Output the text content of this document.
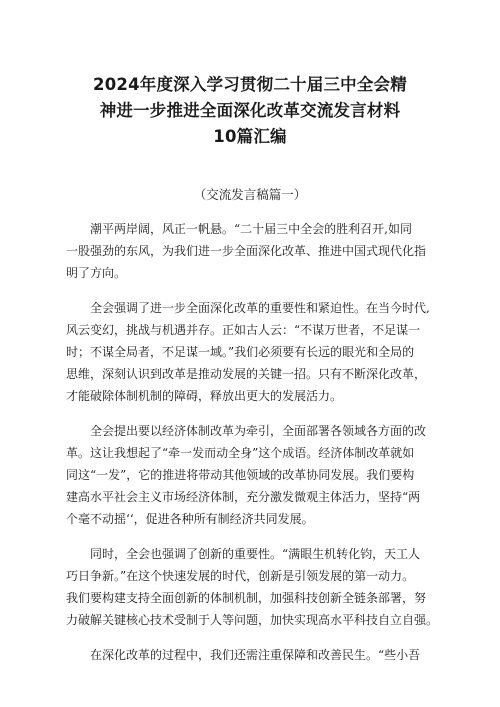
2024年度深入学习贯彻二十届三中全会精
神进一步推进全面深化改革交流发言材料
10篇汇编
（交流发言稿篇一）

潮平两岸阔，风正一帆悬。“二十届三中全会的胜利召开,如同
一股强劲的东风，为我们进一步全面深化改革、推进中国式现代化指
明了方向。

全会强调了进一步全面深化改革的重要性和紧迫性。在当今时代,
风云变幻，挑战与机遇并存。正如古人云：“不谋万世者，不足谋一
时；不谋全局者，不足谋一域。”我们必须要有长远的眼光和全局的
思维，深刻认识到改革是推动发展的关键一招。只有不断深化改革，
才能破除体制机制的障碍，释放出更大的发展活力。

全会提出要以经济体制改革为牵引，全面部署各领域各方面的改
革。这让我想起了“牵一发而动全身”这个成语。经济体制改革就如
同这“一发”，它的推进将带动其他领域的改革协同发展。我们要构
建高水平社会主义市场经济体制，充分激发微观主体活力，坚持“两
个毫不动摇‘‘，促进各种所有制经济共同发展。

同时，全会也强调了创新的重要性。“满眼生机转化钧，天工人
巧日争新。”在这个快速发展的时代，创新是引领发展的第一动力。
我们要构建支持全面创新的体制机制，加强科技创新全链条部署，努
力破解关键核心技术受制于人等问题，加快实现高水平科技自立自强。

在深化改革的过程中，我们还需注重保障和改善民生。“些小吾
